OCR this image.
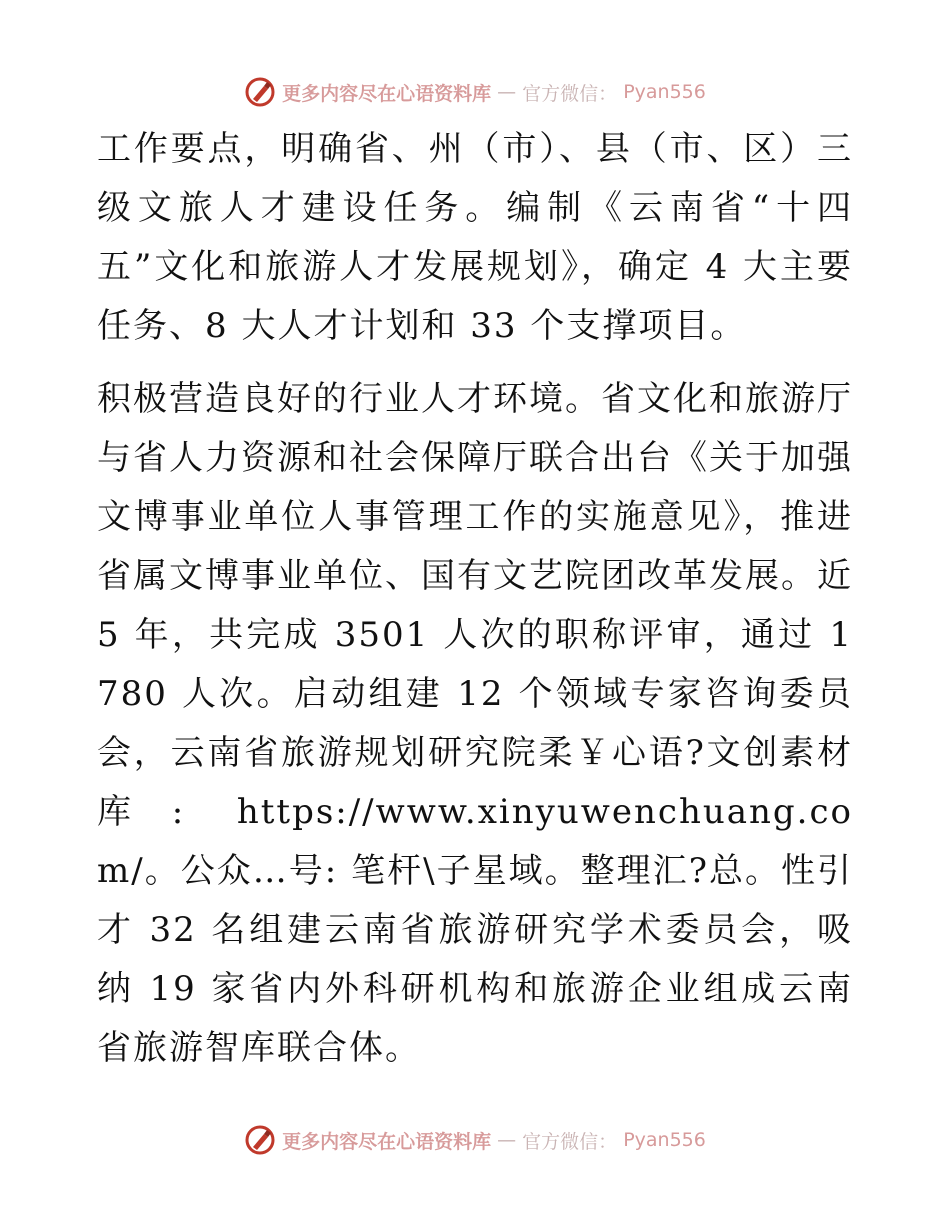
更多内容尽在心语资料库 — 官方微信： Pyan556

工作要点，明确省、州（市）、县（市、区）三级文旅人才建设任务。编制《云南省“十四五”文化和旅游人才发展规划》，确定 4 大主要任务、8 大人才计划和 33 个支撑项目。

积极营造良好的行业人才环境。省文化和旅游厅与省人力资源和社会保障厅联合出台《关于加强文博事业单位人事管理工作的实施意见》，推进省属文博事业单位、国有文艺院团改革发展。近 5 年，共完成 3501 人次的职称评审，通过 1780 人次。启动组建 12 个领域专家咨询委员会，云南省旅游规划研究院柔￥心语?文创素材库: https://www.xinyuwenchuang.com/。公众…号: 笔杆\子星域。整理汇?总。性引才 32 名组建云南省旅游研究学术委员会，吸纳 19 家省内外科研机构和旅游企业组成云南省旅游智库联合体。

更多内容尽在心语资料库 — 官方微信： Pyan556
